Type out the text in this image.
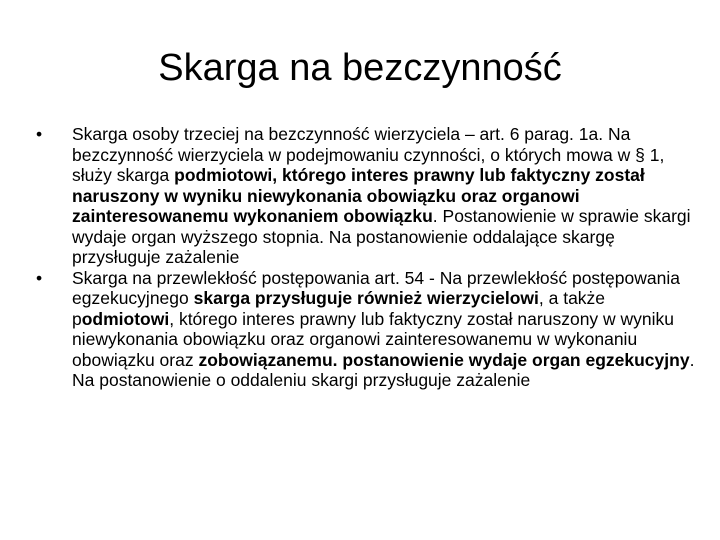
Skarga na bezczynność
•	Skarga osoby trzeciej na bezczynność wierzyciela – art. 6 parag. 1a. Na bezczynność wierzyciela w podejmowaniu czynności, o których mowa w § 1, służy skarga podmiotowi, którego interes prawny lub faktyczny został naruszony w wyniku niewykonania obowiązku oraz organowi zainteresowanemu wykonaniem obowiązku. Postanowienie w sprawie skargi wydaje organ wyższego stopnia. Na postanowienie oddalające skargę przysługuje zażalenie
•	Skarga na przewlekłość postępowania art. 54 - Na przewlekłość postępowania egzekucyjnego skarga przysługuje również wierzycielowi, a także podmiotowi, którego interes prawny lub faktyczny został naruszony w wyniku niewykonania obowiązku oraz organowi zainteresowanemu w wykonaniu obowiązku oraz zobowiązanemu. postanowienie wydaje organ egzekucyjny. Na postanowienie o oddaleniu skargi przysługuje zażalenie
